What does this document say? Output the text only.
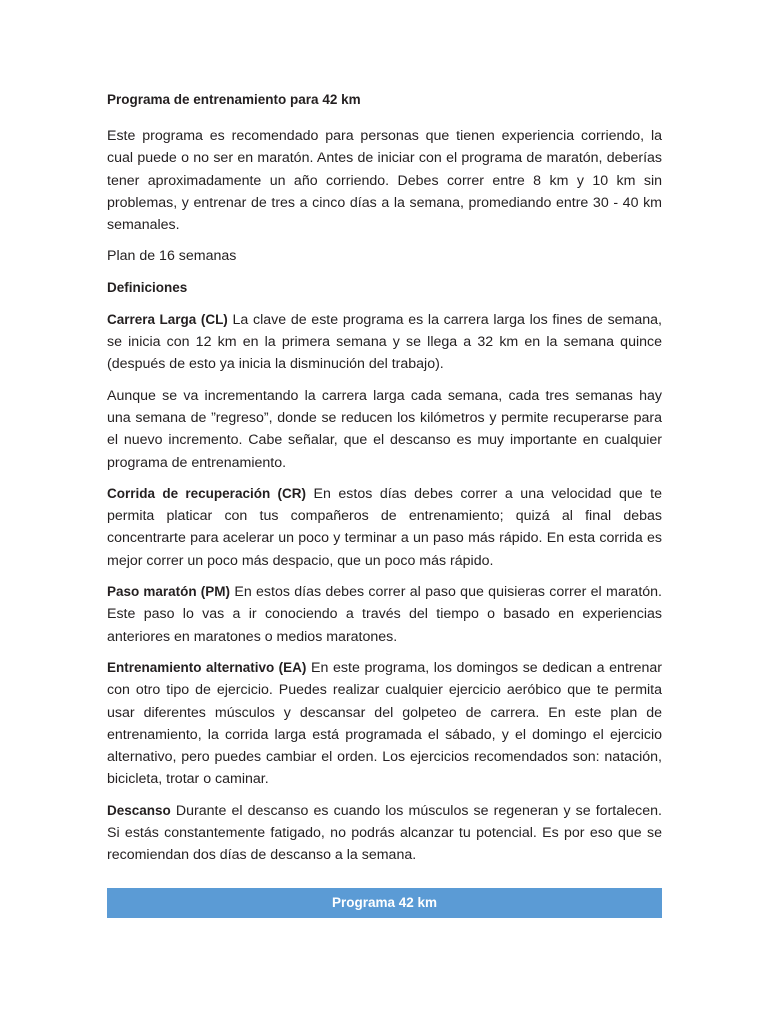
Programa de entrenamiento para 42 km

Este programa es recomendado para personas que tienen experiencia corriendo, la cual puede o no ser en maratón. Antes de iniciar con el programa de maratón, deberías tener aproximadamente un año corriendo. Debes correr entre 8 km y 10 km sin problemas, y entrenar de tres a cinco días a la semana, promediando entre 30 - 40 km semanales.

Plan de 16 semanas

Definiciones

Carrera Larga (CL) La clave de este programa es la carrera larga los fines de semana, se inicia con 12 km en la primera semana y se llega a 32 km en la semana quince (después de esto ya inicia la disminución del trabajo).

Aunque se va incrementando la carrera larga cada semana, cada tres semanas hay una semana de ”regreso”, donde se reducen los kilómetros y permite recuperarse para el nuevo incremento. Cabe señalar, que el descanso es muy importante en cualquier programa de entrenamiento.

Corrida de recuperación (CR) En estos días debes correr a una velocidad que te permita platicar con tus compañeros de entrenamiento; quizá al final debas concentrarte para acelerar un poco y terminar a un paso más rápido. En esta corrida es mejor correr un poco más despacio, que un poco más rápido.

Paso maratón (PM) En estos días debes correr al paso que quisieras correr el maratón. Este paso lo vas a ir conociendo a través del tiempo o basado en experiencias anteriores en maratones o medios maratones.

Entrenamiento alternativo (EA) En este programa, los domingos se dedican a entrenar con otro tipo de ejercicio. Puedes realizar cualquier ejercicio aeróbico que te permita usar diferentes músculos y descansar del golpeteo de carrera. En este plan de entrenamiento, la corrida larga está programada el sábado, y el domingo el ejercicio alternativo, pero puedes cambiar el orden. Los ejercicios recomendados son: natación, bicicleta, trotar o caminar.

Descanso Durante el descanso es cuando los músculos se regeneran y se fortalecen. Si estás constantemente fatigado, no podrás alcanzar tu potencial. Es por eso que se recomiendan dos días de descanso a la semana.

Programa 42 km
